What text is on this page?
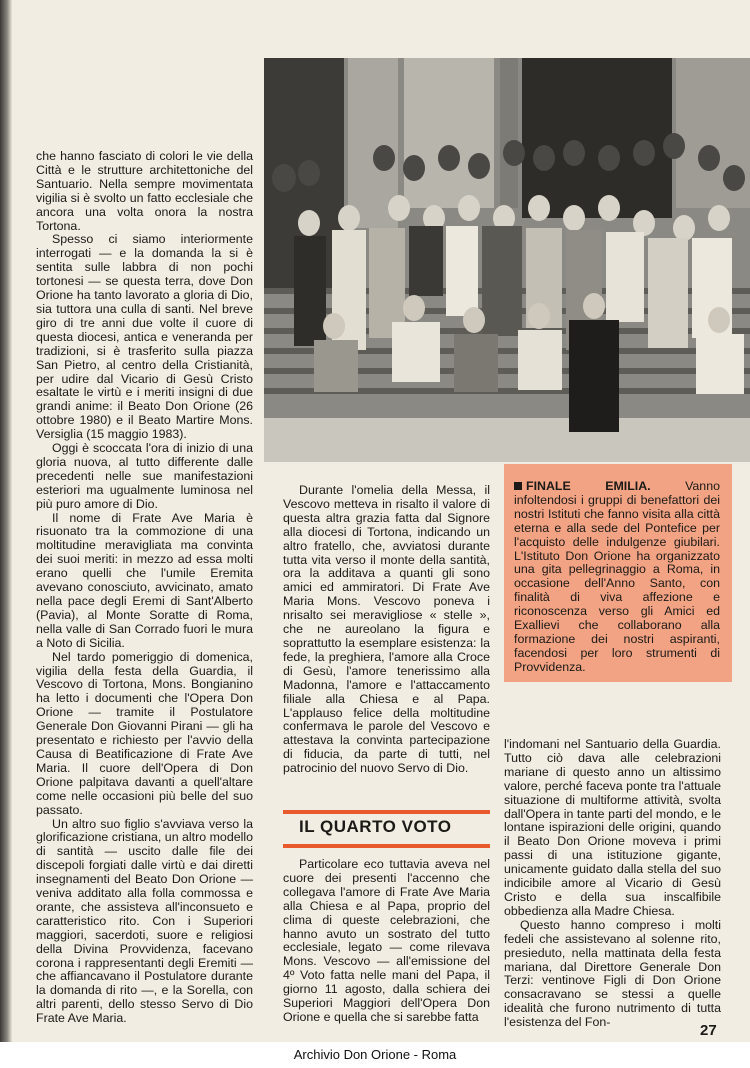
che hanno fasciato di colori le vie della Città e le strutture architettoniche del Santuario. Nella sempre movimentata vigilia si è svolto un fatto ecclesiale che ancora una volta onora la nostra Tortona.

Spesso ci siamo interiormente interrogati — e la domanda la si è sentita sulle labbra di non pochi tortonesi — se questa terra, dove Don Orione ha tanto lavorato a gloria di Dio, sia tuttora una culla di santi. Nel breve giro di tre anni due volte il cuore di questa diocesi, antica e veneranda per tradizioni, si è trasferito sulla piazza San Pietro, al centro della Cristianità, per udire dal Vicario di Gesù Cristo esaltate le virtù e i meriti insigni di due grandi anime: il Beato Don Orione (26 ottobre 1980) e il Beato Martire Mons. Versiglia (15 maggio 1983).

Oggi è scoccata l'ora di inizio di una gloria nuova, al tutto differente dalle precedenti nelle sue manifestazioni esteriori ma ugualmente luminosa nel più puro amore di Dio.

Il nome di Frate Ave Maria è risuonato tra la commozione di una moltitudine meravigliata ma convinta dei suoi meriti: in mezzo ad essa molti erano quelli che l'umile Eremita avevano conosciuto, avvicinato, amato nella pace degli Eremi di Sant'Alberto (Pavia), al Monte Soratte di Roma, nella valle di San Corrado fuori le mura a Noto di Sicilia.

Nel tardo pomeriggio di domenica, vigilia della festa della Guardia, il Vescovo di Tortona, Mons. Bongianino ha letto i documenti che l'Opera Don Orione — tramite il Postulatore Generale Don Giovanni Pirani — gli ha presentato e richiesto per l'avvio della Causa di Beatificazione di Frate Ave Maria. Il cuore dell'Opera di Don Orione palpitava davanti a quell'altare come nelle occasioni più belle del suo passato.

Un altro suo figlio s'avviava verso la glorificazione cristiana, un altro modello di santità — uscito dalle file dei discepoli forgiati dalle virtù e dai diretti insegnamenti del Beato Don Orione — veniva additato alla folla commossa e orante, che assisteva all'inconsueto e caratteristico rito. Con i Superiori maggiori, sacerdoti, suore e religiosi della Divina Provvidenza, facevano corona i rappresentanti degli Eremiti — che affiancavano il Postulatore durante la domanda di rito —, e la Sorella, con altri parenti, dello stesso Servo di Dio Frate Ave Maria.

Durante l'omelia della Messa, il Vescovo metteva in risalto il valore di questa altra grazia fatta dal Signore alla diocesi di Tortona, indicando un altro fratello, che, avviatosi durante tutta vita verso il monte della santità, ora la additava a quanti gli sono amici ed ammiratori. Di Frate Ave Maria Mons. Vescovo poneva i nrisalto sei meravigliose « stelle », che ne aureolano la figura e soprattutto la esemplare esistenza: la fede, la preghiera, l'amore alla Croce di Gesù, l'amore tenerissimo alla Madonna, l'amore e l'attaccamento filiale alla Chiesa e al Papa. L'applauso felice della moltitudine confermava le parole del Vescovo e attestava la convinta partecipazione di fiducia, da parte di tutti, nel patrocinio del nuovo Servo di Dio.

IL QUARTO VOTO

Particolare eco tuttavia aveva nel cuore dei presenti l'accenno che collegava l'amore di Frate Ave Maria alla Chiesa e al Papa, proprio del clima di queste celebrazioni, che hanno avuto un sostrato del tutto ecclesiale, legato — come rilevava Mons. Vescovo — all'emissione del 4º Voto fatta nelle mani del Papa, il giorno 11 agosto, dalla schiera dei Superiori Maggiori dell'Opera Don Orione e quella che si sarebbe fatta

FINALE EMILIA. Vanno infoltendosi i gruppi di benefattori dei nostri Istituti che fanno visita alla città eterna e alla sede del Pontefice per l'acquisto delle indulgenze giubilari. L'Istituto Don Orione ha organizzato una gita pellegrinaggio a Roma, in occasione dell'Anno Santo, con finalità di viva affezione e riconoscenza verso gli Amici ed Exallievi che collaborano alla formazione dei nostri aspiranti, facendosi per loro strumenti di Provvidenza.

l'indomani nel Santuario della Guardia. Tutto ciò dava alle celebrazioni mariane di questo anno un altissimo valore, perché faceva ponte tra l'attuale situazione di multiforme attività, svolta dall'Opera in tante parti del mondo, e le lontane ispirazioni delle origini, quando il Beato Don Orione moveva i primi passi di una istituzione gigante, unicamente guidato dalla stella del suo indicibile amore al Vicario di Gesù Cristo e della sua inscalfibile obbedienza alla Madre Chiesa.

Questo hanno compreso i molti fedeli che assistevano al solenne rito, presieduto, nella mattinata della festa mariana, dal Direttore Generale Don Terzi: ventinove Figli di Don Orione consacravano se stessi a quelle idealità che furono nutrimento di tutta l'esistenza del Fon-	27
Archivio Don Orione - Roma
